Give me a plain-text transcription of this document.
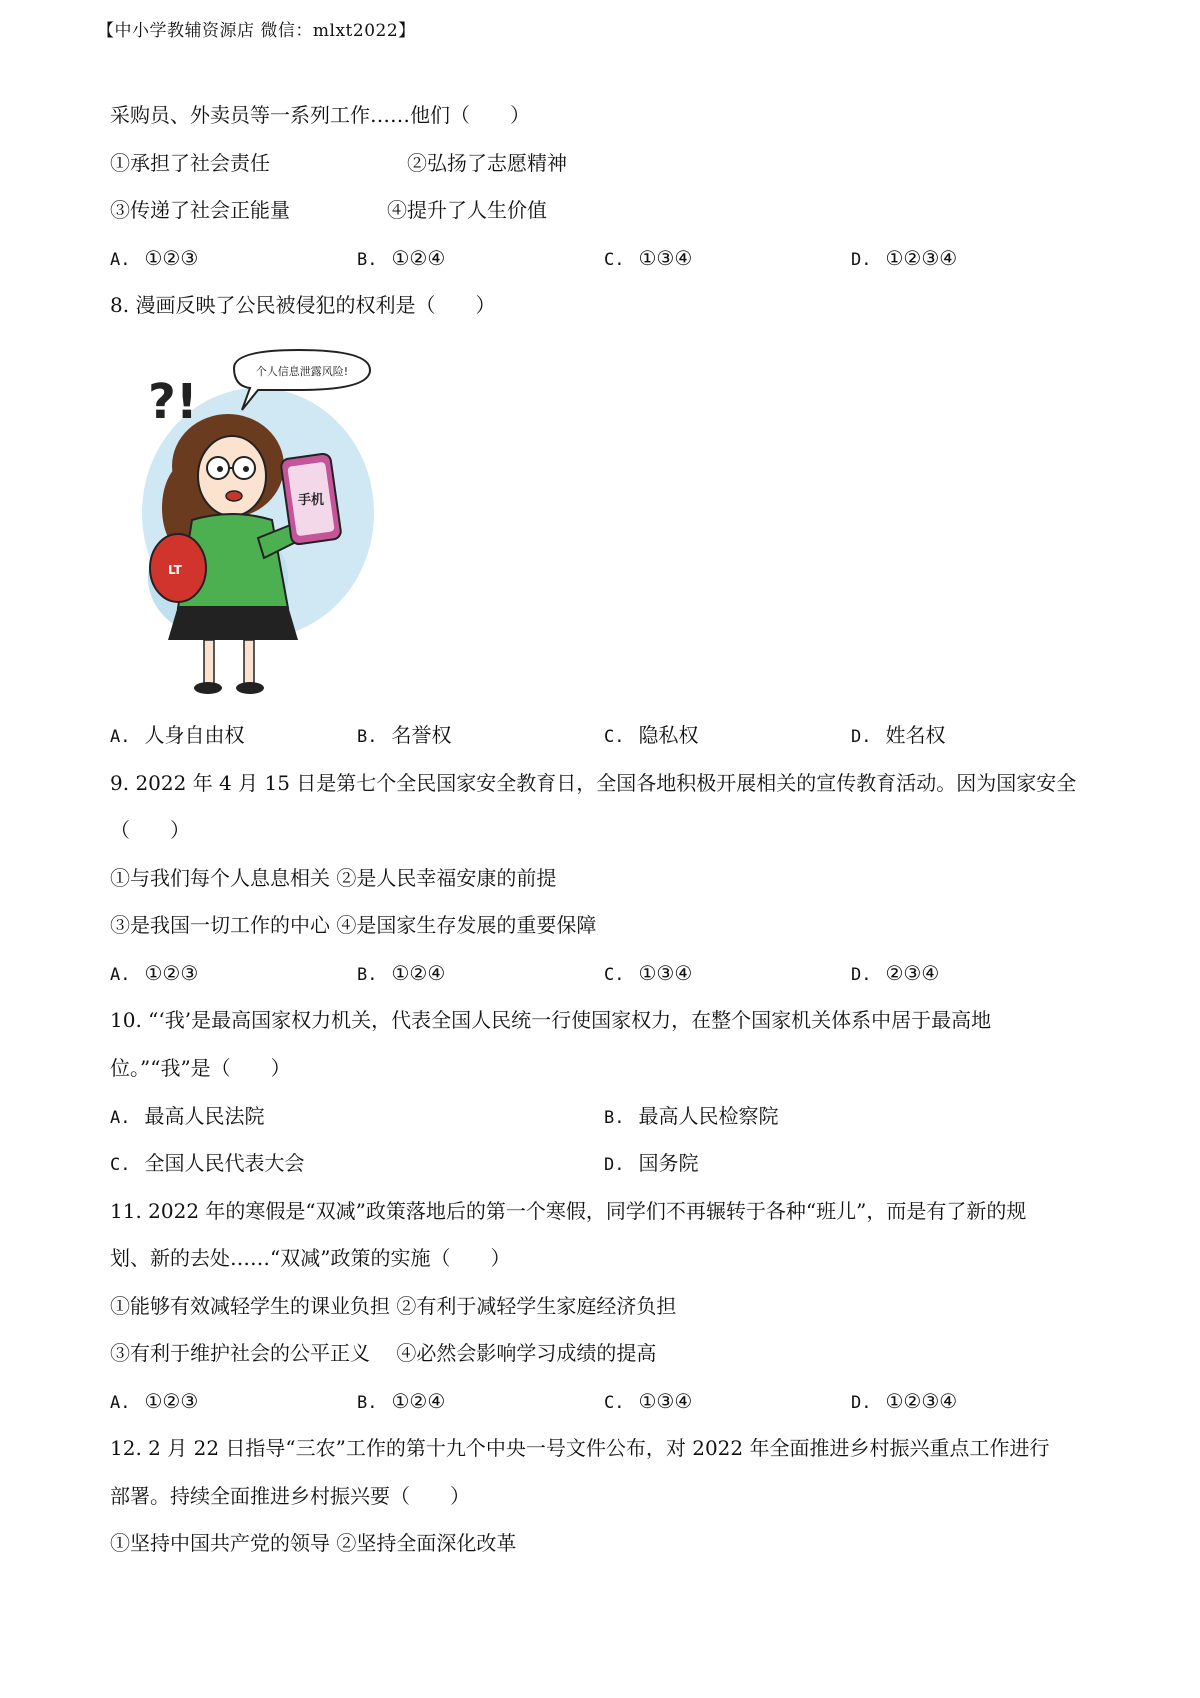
【中小学教辅资源店 微信：mlxt2022】
采购员、外卖员等一系列工作……他们（　　）
①承担了社会责任	②弘扬了志愿精神
③传递了社会正能量	④提升了人生价值
A. ①②③	B. ①②④	C. ①③④	D. ①②③④
8. 漫画反映了公民被侵犯的权利是（　　）
个人信息泄露风险!
?!
LT
手机
A. 人身自由权	B. 名誉权	C. 隐私权	D. 姓名权
9. 2022 年 4 月 15 日是第七个全民国家安全教育日，全国各地积极开展相关的宣传教育活动。因为国家安全
（　　）
①与我们每个人息息相关 ②是人民幸福安康的前提
③是我国一切工作的中心 ④是国家生存发展的重要保障
A. ①②③	B. ①②④	C. ①③④	D. ②③④
10. “‘我’是最高国家权力机关，代表全国人民统一行使国家权力，在整个国家机关体系中居于最高地
位。”“我”是（　　）
A. 最高人民法院	B. 最高人民检察院
C. 全国人民代表大会	D. 国务院
11. 2022 年的寒假是“双减”政策落地后的第一个寒假，同学们不再辗转于各种“班儿”，而是有了新的规
划、新的去处……“双减”政策的实施（　　）
①能够有效减轻学生的课业负担 ②有利于减轻学生家庭经济负担
③有利于维护社会的公平正义　 ④必然会影响学习成绩的提高
A. ①②③	B. ①②④	C. ①③④	D. ①②③④
12. 2 月 22 日指导“三农”工作的第十九个中央一号文件公布，对 2022 年全面推进乡村振兴重点工作进行
部署。持续全面推进乡村振兴要（　　）
①坚持中国共产党的领导 ②坚持全面深化改革
